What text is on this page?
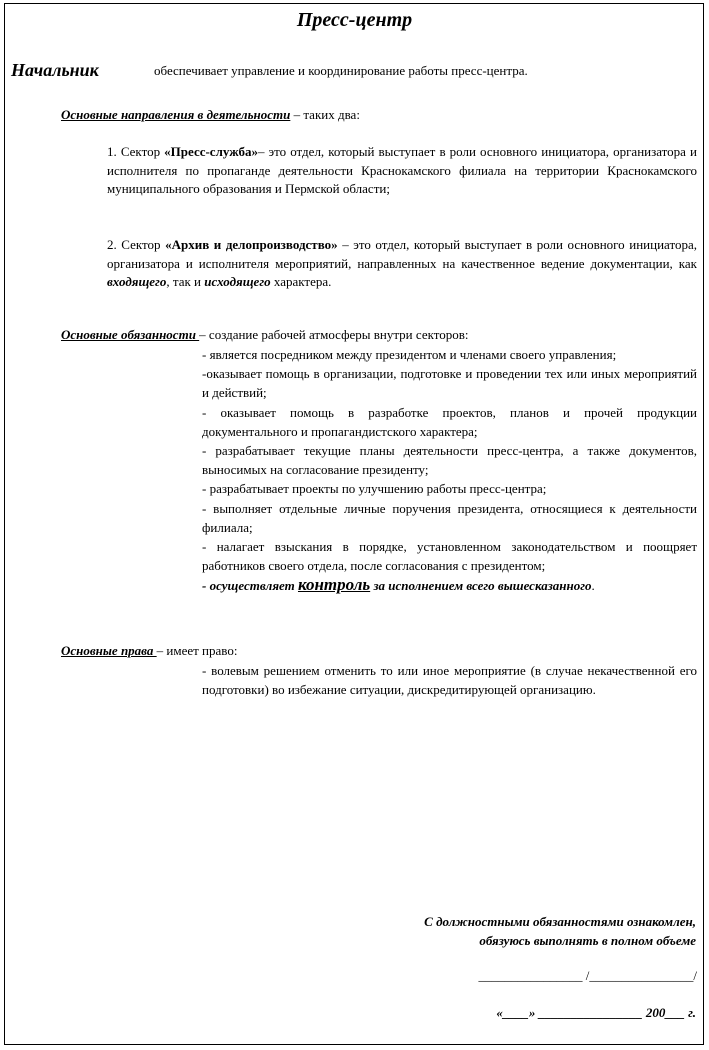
Пресс-центр
Начальник	обеспечивает управление и координирование работы пресс-центра.
Основные направления в деятельности – таких два:

1. Сектор «Пресс-служба»– это отдел, который выступает в роли основного инициатора, организатора и исполнителя по пропаганде деятельности Краснокамского филиала на территории Краснокамского муниципального образования и Пермской области;

2. Сектор «Архив и делопроизводство» – это отдел, который выступает в роли основного инициатора, организатора и исполнителя мероприятий, направленных на качественное ведение документации, как входящего, так и исходящего характера.

Основные обязанности – создание рабочей атмосферы внутри секторов:
- является посредником между президентом и членами своего управления;
-оказывает помощь в организации, подготовке и проведении тех или иных мероприятий и действий;
- оказывает помощь в разработке проектов, планов и прочей продукции документального и пропагандистского характера;
- разрабатывает текущие планы деятельности пресс-центра, а также документов, выносимых на согласование президенту;
- разрабатывает проекты по улучшению работы пресс-центра;
- выполняет отдельные личные поручения президента, относящиеся к деятельности филиала;
- налагает взыскания в порядке, установленном законодательством и поощряет работников своего отдела, после согласования с президентом;
- осуществляет контроль за исполнением всего вышесказанного.
Основные права – имеет право:
- волевым решением отменить то или иное мероприятие (в случае некачественной его подготовки) во избежание ситуации, дискредитирующей организацию.
С должностными обязанностями ознакомлен,
обязуюсь выполнять в полном объеме
________________ /________________/
«____» ________________ 200___ г.
